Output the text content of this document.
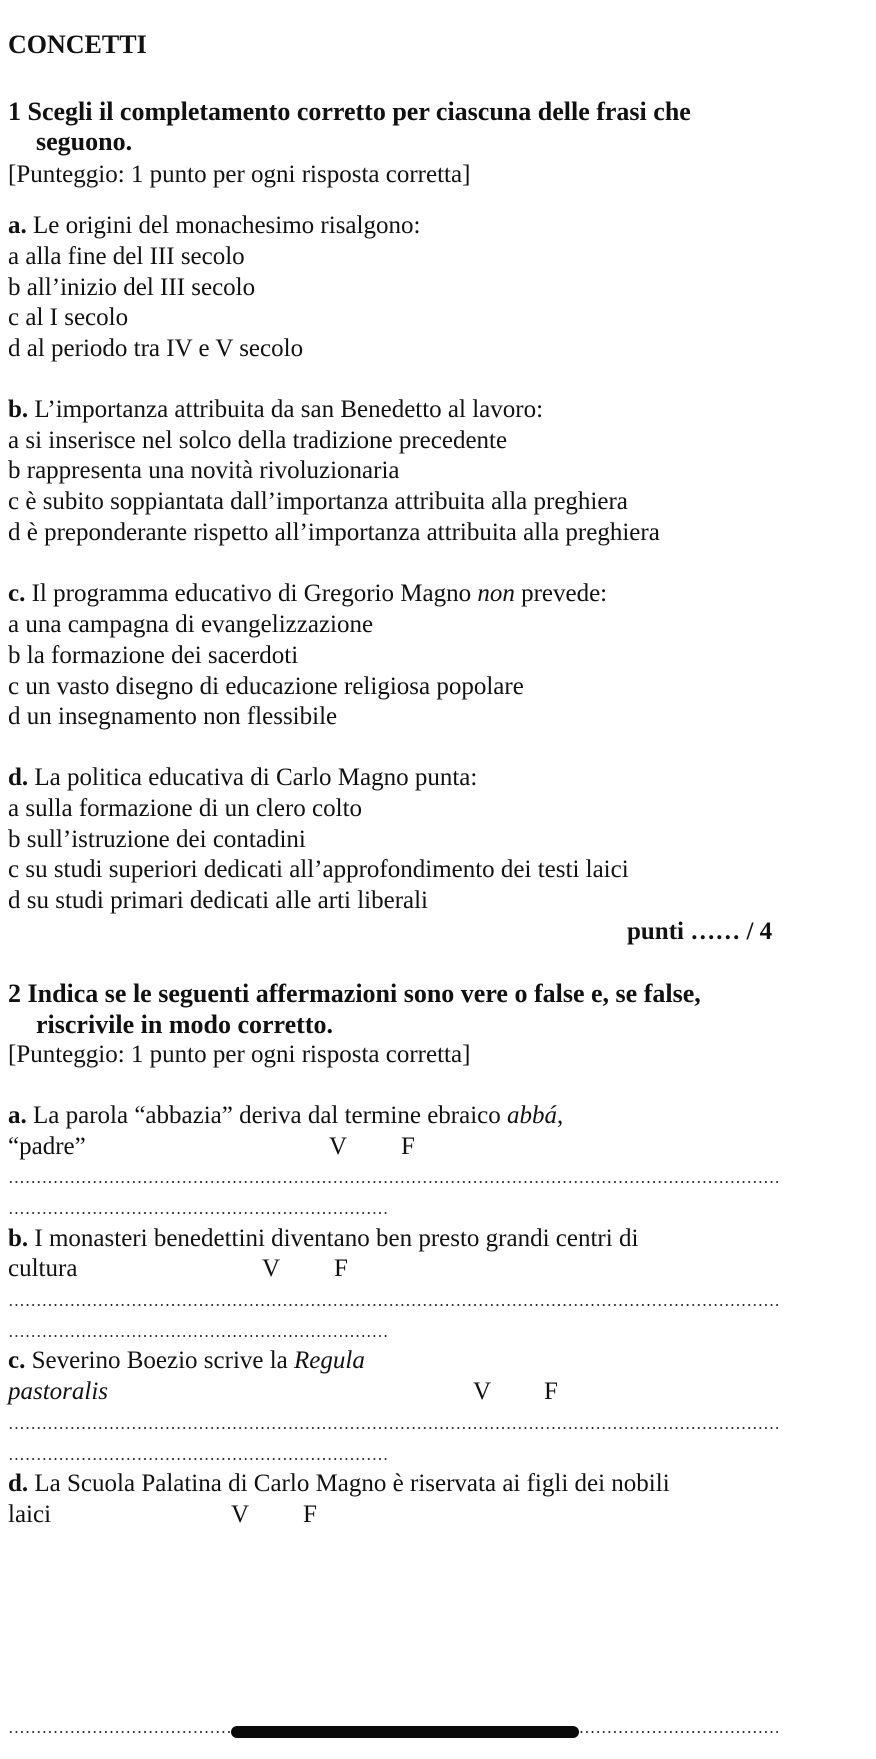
CONCETTI
1 Scegli il completamento corretto per ciascuna delle frasi che
seguono.
[Punteggio: 1 punto per ogni risposta corretta]
a. Le origini del monachesimo risalgono:
a alla fine del III secolo
b all’inizio del III secolo
c al I secolo
d al periodo tra IV e V secolo
b. L’importanza attribuita da san Benedetto al lavoro:
a si inserisce nel solco della tradizione precedente
b rappresenta una novità rivoluzionaria
c è subito soppiantata dall’importanza attribuita alla preghiera
d è preponderante rispetto all’importanza attribuita alla preghiera
c. Il programma educativo di Gregorio Magno non prevede:
a una campagna di evangelizzazione
b la formazione dei sacerdoti
c un vasto disegno di educazione religiosa popolare
d un insegnamento non flessibile
d. La politica educativa di Carlo Magno punta:
a sulla formazione di un clero colto
b sull’istruzione dei contadini
c su studi superiori dedicati all’approfondimento dei testi laici
d su studi primari dedicati alle arti liberali
punti …… / 4
2 Indica se le seguenti affermazioni sono vere o false e, se false,
riscrivile in modo corretto.
[Punteggio: 1 punto per ogni risposta corretta]
a. La parola “abbazia” deriva dal termine ebraico abbá,
“padre”	V F
b. I monasteri benedettini diventano ben presto grandi centri di
cultura	V F
c. Severino Boezio scrive la Regula
pastoralis	V F
d. La Scuola Palatina di Carlo Magno è riservata ai figli dei nobili
laici	V F
